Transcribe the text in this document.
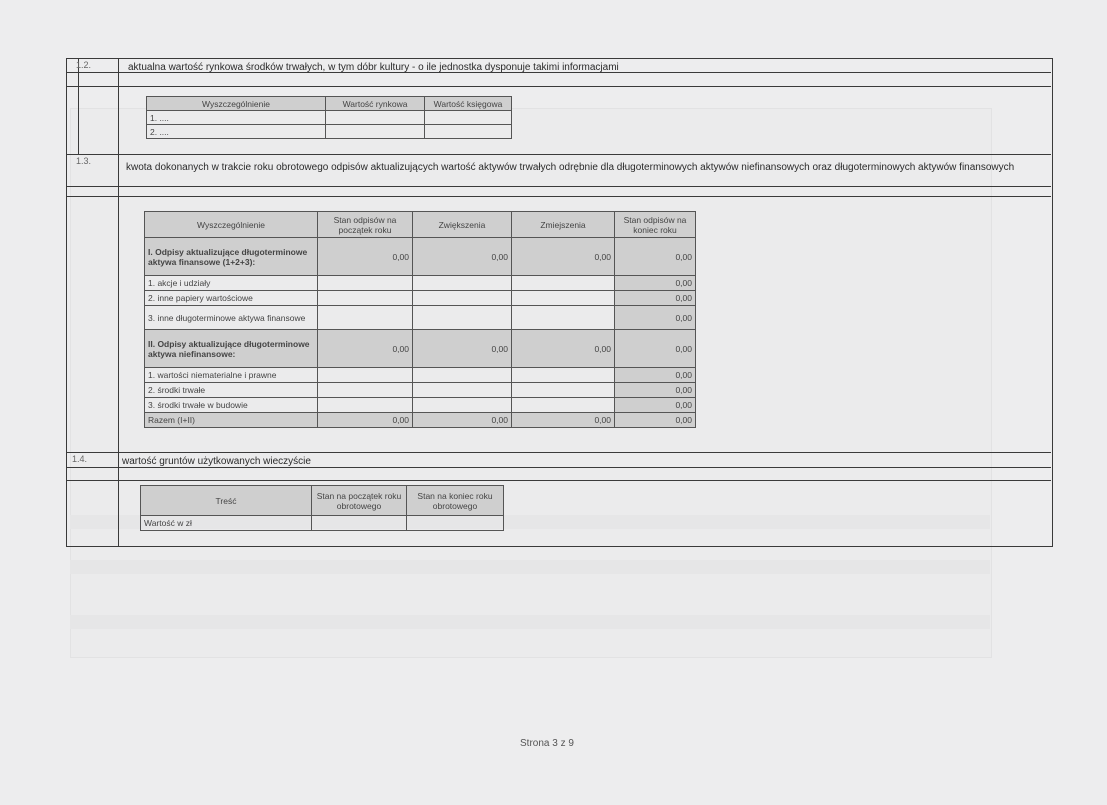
1.2.	aktualna wartość rynkowa środków trwałych, w tym dóbr kultury - o ile jednostka dysponuje takimi informacjami
Wyszczególnienie	Wartość rynkowa	Wartość księgowa
1. ....		
2. ....		
1.3.
kwota dokonanych w trakcie roku obrotowego odpisów aktualizujących wartość aktywów trwałych odrębnie dla długoterminowych aktywów niefinansowych oraz długoterminowych aktywów finansowych
Wyszczególnienie	Stan odpisów na początek roku	Zwiększenia	Zmiejszenia	Stan odpisów na koniec roku
I. Odpisy aktualizujące długoterminowe aktywa finansowe (1+2+3):	0,00	0,00	0,00	0,00
1. akcje i udziały				0,00
2. inne papiery wartościowe				0,00
3. inne długoterminowe aktywa finansowe				0,00
II. Odpisy aktualizujące długoterminowe aktywa niefinansowe:	0,00	0,00	0,00	0,00
1. wartości niematerialne i prawne				0,00
2. środki trwałe				0,00
3. środki trwałe w budowie				0,00
Razem (I+II)	0,00	0,00	0,00	0,00
1.4.	wartość gruntów użytkowanych wieczyście
Treść	Stan na początek roku obrotowego	Stan na koniec roku obrotowego
Wartość w zł		
Strona 3 z 9
